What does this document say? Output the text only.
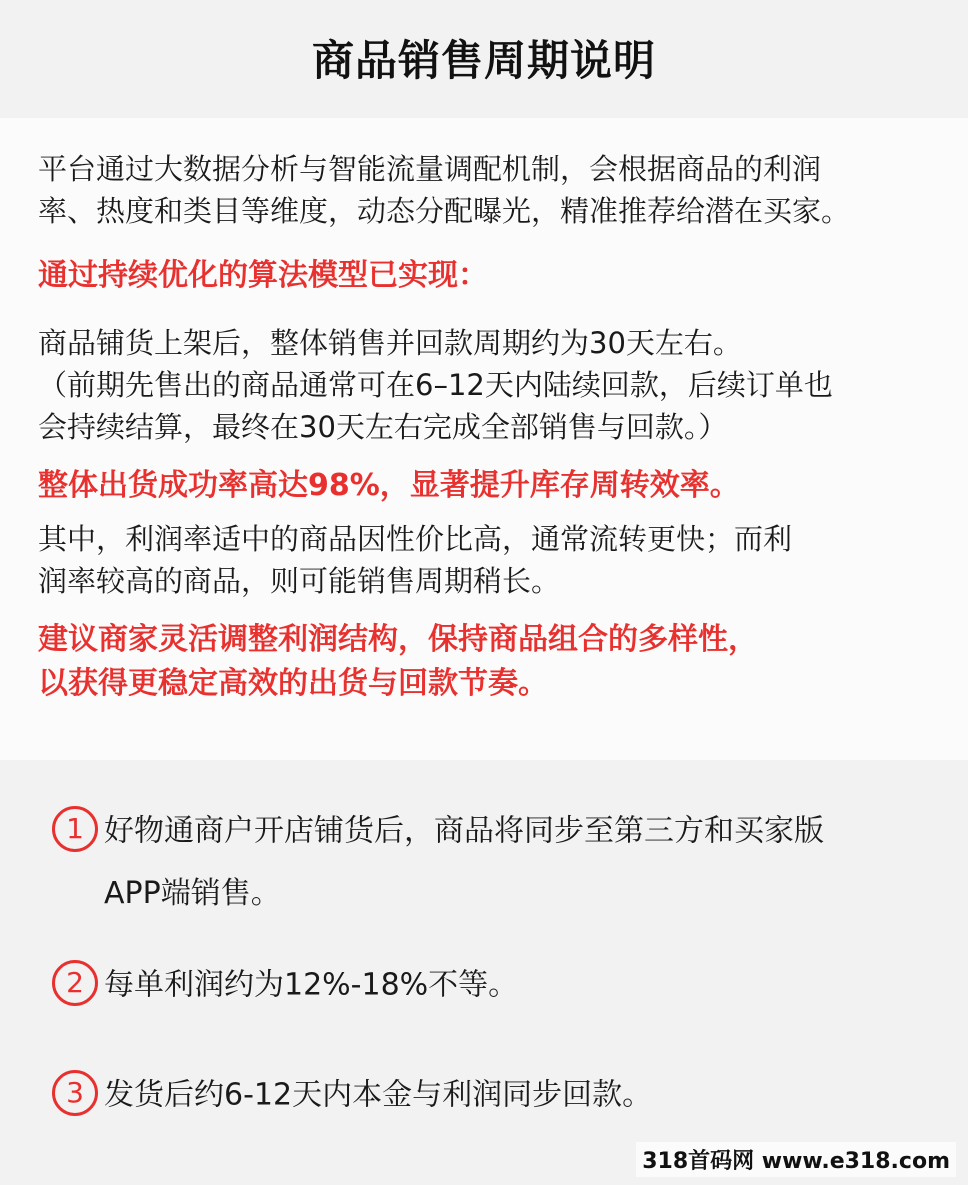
商品销售周期说明

平台通过大数据分析与智能流量调配机制，会根据商品的利润
率、热度和类目等维度，动态分配曝光，精准推荐给潜在买家。

通过持续优化的算法模型已实现：

商品铺货上架后，整体销售并回款周期约为30天左右。
（前期先售出的商品通常可在6–12天内陆续回款，后续订单也
会持续结算，最终在30天左右完成全部销售与回款。）

整体出货成功率高达98%，显著提升库存周转效率。

其中，利润率适中的商品因性价比高，通常流转更快；而利
润率较高的商品，则可能销售周期稍长。

建议商家灵活调整利润结构，保持商品组合的多样性，
以获得更稳定高效的出货与回款节奏。

1 好物通商户开店铺货后，商品将同步至第三方和买家版
APP端销售。
2 每单利润约为12%-18%不等。
3 发货后约6-12天内本金与利润同步回款。
318首码网 www.e318.com
